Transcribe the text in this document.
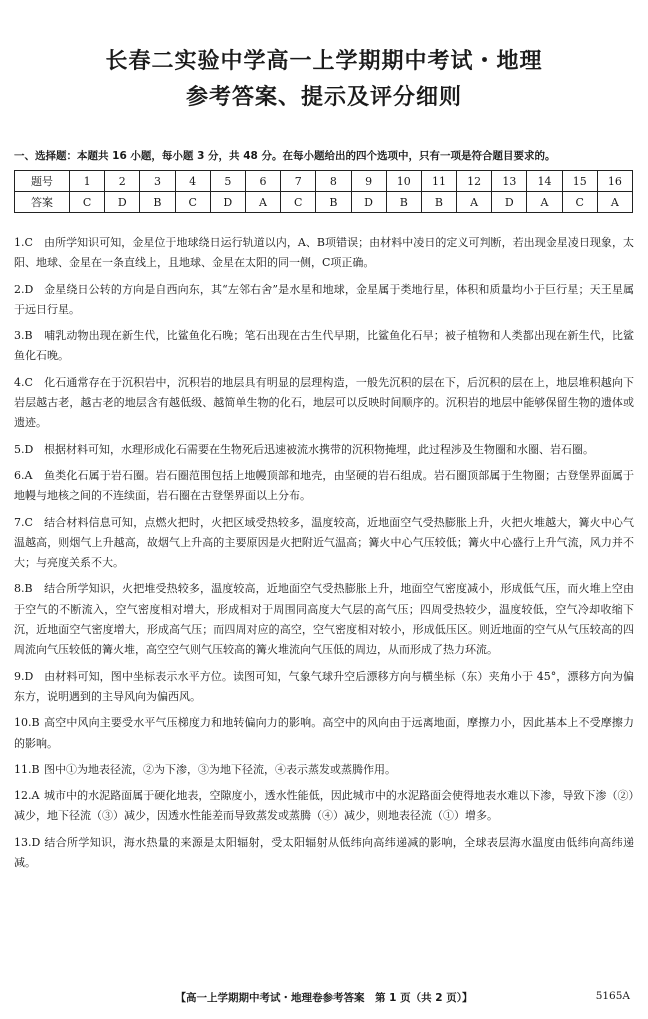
长春二实验中学高一上学期期中考试・地理
参考答案、提示及评分细则
一、选择题：本题共 16 小题，每小题 3 分，共 48 分。在每小题给出的四个选项中，只有一项是符合题目要求的。
题号	1	2	3	4	5	6	7	8	9	10	11	12	13	14	15	16
答案	C	D	B	C	D	A	C	B	D	B	B	A	D	A	C	A
1.C 由所学知识可知，金星位于地球绕日运行轨道以内，A、B项错误；由材料中凌日的定义可判断，若出现金星凌日现象，太阳、地球、金星在一条直线上，且地球、金星在太阳的同一侧，C项正确。
2.D 金星绕日公转的方向是自西向东，其“左邻右舍”是水星和地球，金星属于类地行星，体积和质量均小于巨行星；天王星属于远日行星。
3.B 哺乳动物出现在新生代，比鲨鱼化石晚；笔石出现在古生代早期，比鲨鱼化石早；被子植物和人类都出现在新生代，比鲨鱼化石晚。
4.C 化石通常存在于沉积岩中，沉积岩的地层具有明显的层理构造，一般先沉积的层在下，后沉积的层在上，地层堆积越向下岩层越古老，越古老的地层含有越低级、越简单生物的化石，地层可以反映时间顺序的。沉积岩的地层中能够保留生物的遗体或遗迹。
5.D 根据材料可知，水理形成化石需要在生物死后迅速被流水携带的沉积物掩埋，此过程涉及生物圈和水圈、岩石圈。
6.A 鱼类化石属于岩石圈。岩石圈范围包括上地幔顶部和地壳，由坚硬的岩石组成。岩石圈顶部属于生物圈；古登堡界面属于地幔与地核之间的不连续面，岩石圈在古登堡界面以上分布。
7.C 结合材料信息可知，点燃火把时，火把区域受热较多，温度较高，近地面空气受热膨胀上升，火把火堆越大，篝火中心气温越高，则烟气上升越高，故烟气上升高的主要原因是火把附近气温高；篝火中心气压较低；篝火中心盛行上升气流，风力并不大；与亮度关系不大。
8.B 结合所学知识，火把堆受热较多，温度较高，近地面空气受热膨胀上升，地面空气密度减小，形成低气压，而火堆上空由于空气的不断流入，空气密度相对增大，形成相对于周围同高度大气层的高气压；四周受热较少，温度较低，空气冷却收缩下沉，近地面空气密度增大，形成高气压；而四周对应的高空，空气密度相对较小，形成低压区。则近地面的空气从气压较高的四周流向气压较低的篝火堆，高空空气则气压较高的篝火堆流向气压低的周边，从而形成了热力环流。
9.D 由材料可知，图中坐标表示水平方位。读图可知，气象气球升空后漂移方向与横坐标（东）夹角小于 45°，漂移方向为偏东方，说明遇到的主导风向为偏西风。
10.B 高空中风向主要受水平气压梯度力和地转偏向力的影响。高空中的风向由于远离地面，摩擦力小，因此基本上不受摩擦力的影响。
11.B 图中①为地表径流，②为下渗，③为地下径流，④表示蒸发或蒸腾作用。
12.A 城市中的水泥路面属于硬化地表，空隙度小，透水性能低，因此城市中的水泥路面会使得地表水难以下渗，导致下渗（②）减少，地下径流（③）减少，因透水性能差而导致蒸发或蒸腾（④）减少，则地表径流（①）增多。
13.D 结合所学知识，海水热量的来源是太阳辐射，受太阳辐射从低纬向高纬递减的影响，全球表层海水温度由低纬向高纬递减。
【高一上学期期中考试・地理卷参考答案　第 1 页（共 2 页）】	5165A
